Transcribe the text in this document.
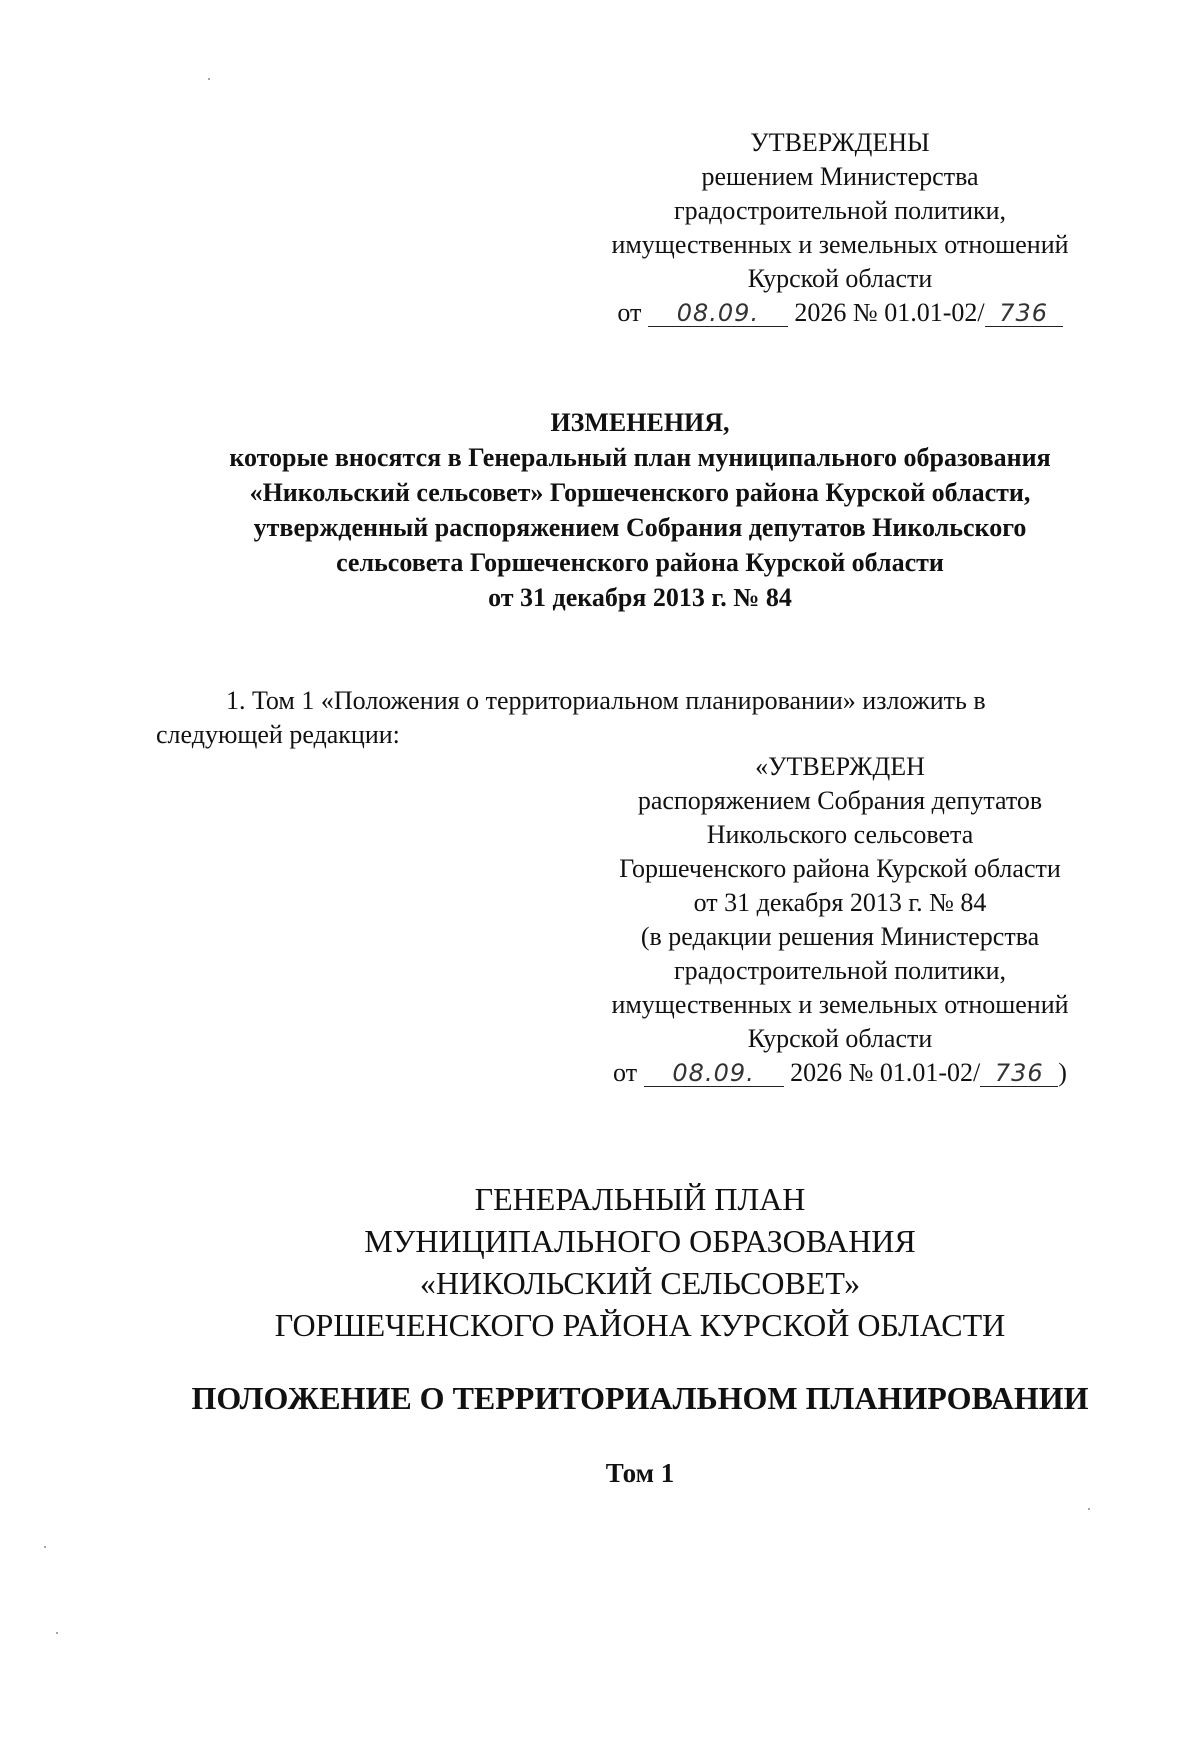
УТВЕРЖДЕНЫ
решением Министерства
градостроительной политики,
имущественных и земельных отношений
Курской области
от 08.09. 2026 № 01.01-02/ 736
ИЗМЕНЕНИЯ,
которые вносятся в Генеральный план муниципального образования
«Никольский сельсовет» Горшеченского района Курской области,
утвержденный распоряжением Собрания депутатов Никольского
сельсовета Горшеченского района Курской области
от 31 декабря 2013 г. № 84
1. Том 1 «Положения о территориальном планировании» изложить в
следующей редакции:
«УТВЕРЖДЕН
распоряжением Собрания депутатов
Никольского сельсовета
Горшеченского района Курской области
от 31 декабря 2013 г. № 84
(в редакции решения Министерства
градостроительной политики,
имущественных и земельных отношений
Курской области
от 08.09. 2026 № 01.01-02/ 736 )
ГЕНЕРАЛЬНЫЙ ПЛАН
МУНИЦИПАЛЬНОГО ОБРАЗОВАНИЯ
«НИКОЛЬСКИЙ СЕЛЬСОВЕТ»
ГОРШЕЧЕНСКОГО РАЙОНА КУРСКОЙ ОБЛАСТИ
ПОЛОЖЕНИЕ О ТЕРРИТОРИАЛЬНОМ ПЛАНИРОВАНИИ
Том 1
